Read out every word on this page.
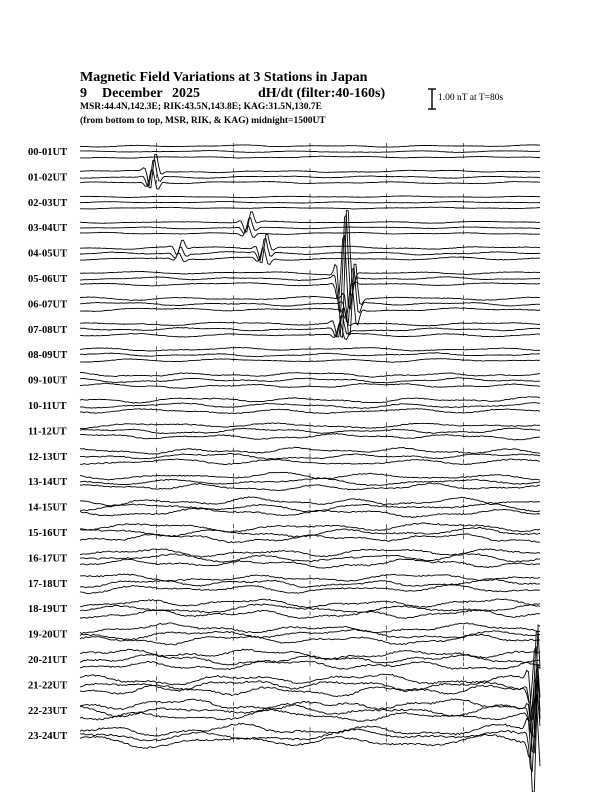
Magnetic Field Variations at 3 Stations in Japan
9 December 2025	dH/dt (filter:40-160s)
MSR:44.4N,142.3E; RIK:43.5N,143.8E; KAG:31.5N,130.7E
(from bottom to top, MSR, RIK, & KAG) midnight=1500UT
1.00 nT at T=80s
00-01UT
01-02UT
02-03UT
03-04UT
04-05UT
05-06UT
06-07UT
07-08UT
08-09UT
09-10UT
10-11UT
11-12UT
12-13UT
13-14UT
14-15UT
15-16UT
16-17UT
17-18UT
18-19UT
19-20UT
20-21UT
21-22UT
22-23UT
23-24UT
